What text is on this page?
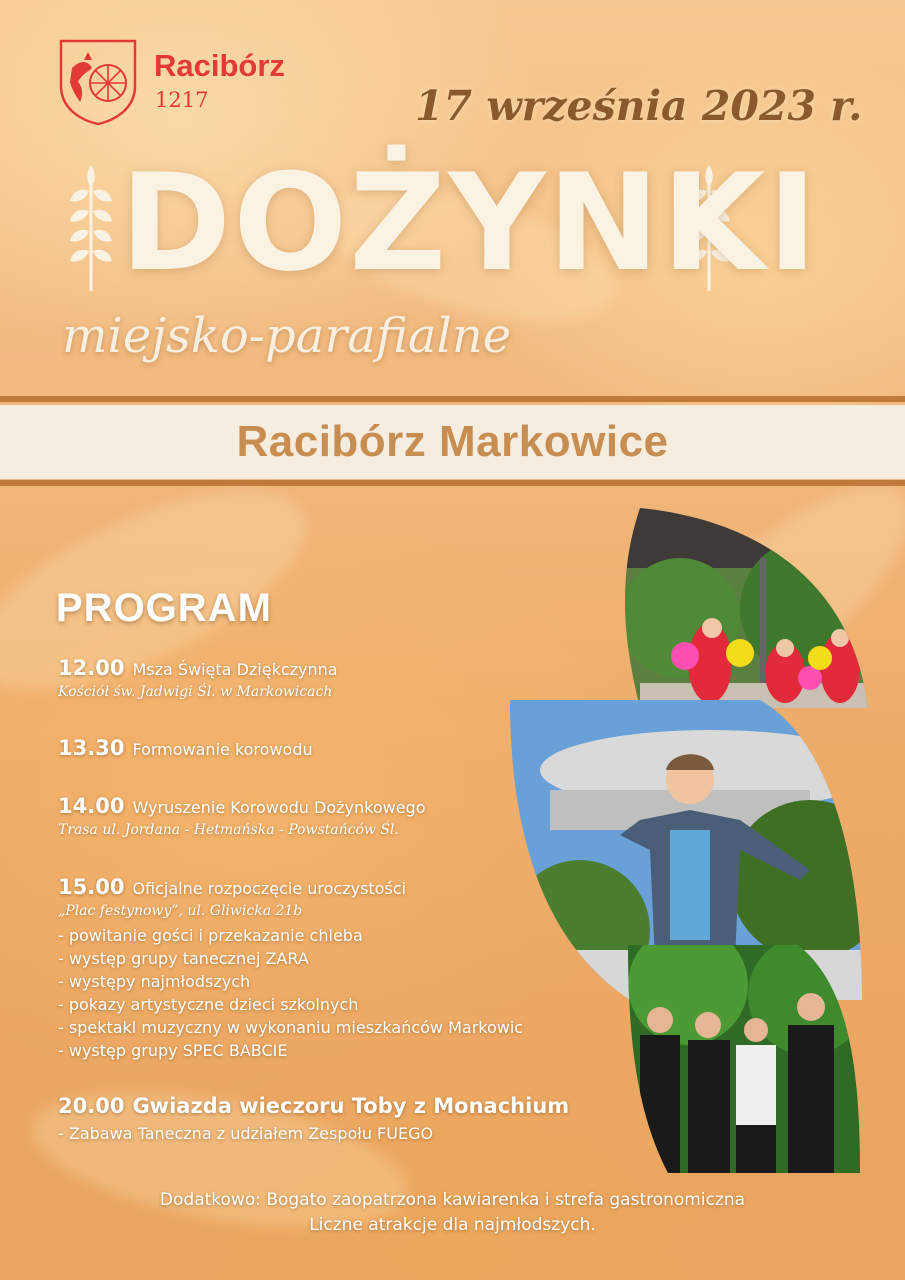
Racibórz
1217	17 września 2023 r.
DOŻYNKI
miejsko-parafialne
Racibórz Markowice
PROGRAM
12.00 Msza Święta Dziękczynna
Kościół św. Jadwigi Śl. w Markowicach
13.30 Formowanie korowodu
14.00 Wyruszenie Korowodu Dożynkowego
Trasa ul. Jordana - Hetmańska - Powstańców Śl.
15.00 Oficjalne rozpoczęcie uroczystości
„Plac festynowy”, ul. Gliwicka 21b
- powitanie gości i przekazanie chleba
- występ grupy tanecznej ZARA
- występy najmłodszych
- pokazy artystyczne dzieci szkolnych
- spektakl muzyczny w wykonaniu mieszkańców Markowic
- występ grupy SPEC BABCIE
20.00 Gwiazda wieczoru Toby z Monachium
- Zabawa Taneczna z udziałem Zespołu FUEGO
Dodatkowo: Bogato zaopatrzona kawiarenka i strefa gastronomiczna
Liczne atrakcje dla najmłodszych.
